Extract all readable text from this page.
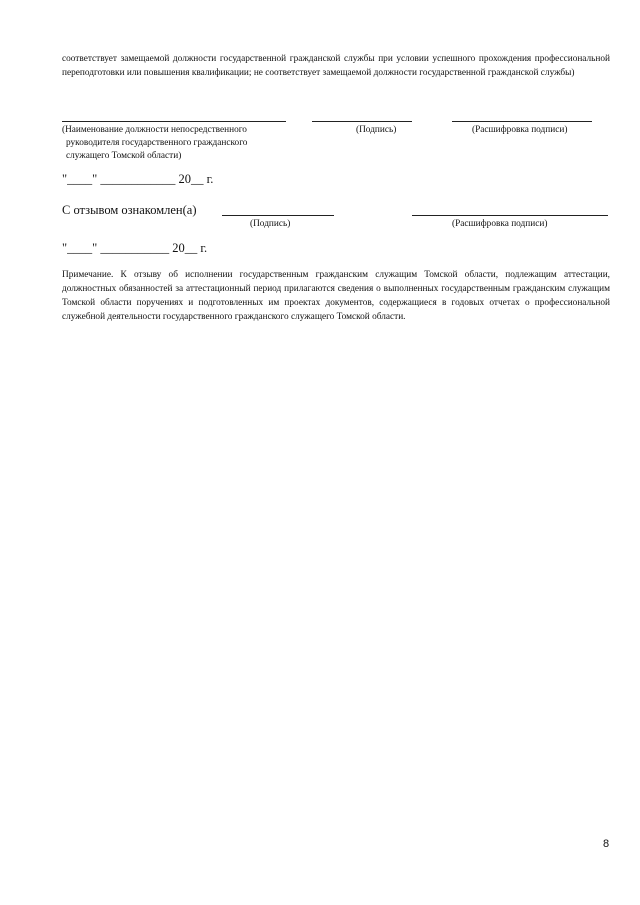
соответствует замещаемой должности государственной гражданской службы при условии успешного прохождения профессиональной переподготовки или повышения квалификации; не соответствует замещаемой должности государственной гражданской службы)
(Наименование должности непосредственного
руководителя государственного гражданского
служащего Томской области)
(Подпись)	(Расшифровка подписи)
"____" ____________ 20__ г.
С отзывом ознакомлен(а)
(Подпись)	(Расшифровка подписи)
"____" ___________ 20__ г.
Примечание. К отзыву об исполнении государственным гражданским служащим Томской области, подлежащим аттестации, должностных обязанностей за аттестационный период прилагаются сведения о выполненных государственным гражданским служащим Томской области поручениях и подготовленных им проектах документов, содержащиеся в годовых отчетах о профессиональной служебной деятельности государственного гражданского служащего Томской области.
8
